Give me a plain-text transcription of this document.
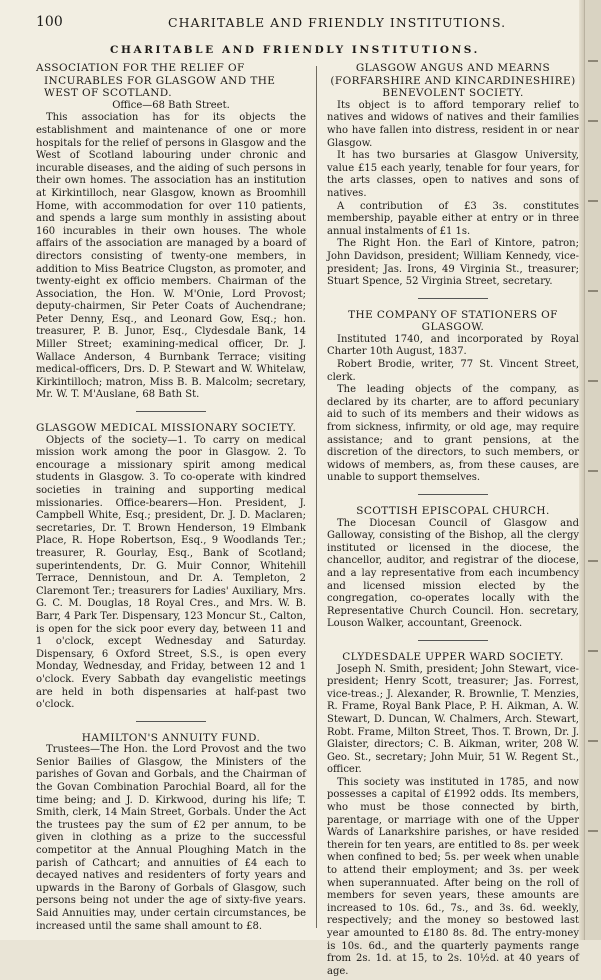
100	CHARITABLE AND FRIENDLY INSTITUTIONS.
CHARITABLE AND FRIENDLY INSTITUTIONS.
ASSOCIATION FOR THE RELIEF OF INCURABLES FOR GLASGOW AND THE WEST OF SCOTLAND.

Office—68 Bath Street.

This association has for its objects the establishment and maintenance of one or more hospitals for the relief of persons in Glasgow and the West of Scotland labouring under chronic and incurable diseases, and the aiding of such persons in their own homes. The association has an institution at Kirkintilloch, near Glasgow, known as Broomhill Home, with accommodation for over 110 patients, and spends a large sum monthly in assisting about 160 incurables in their own houses. The whole affairs of the association are managed by a board of directors consisting of twenty-one members, in addition to Miss Beatrice Clugston, as promoter, and twenty-eight ex officio members. Chairman of the Association, the Hon. W. M'Onie, Lord Provost; deputy-chairmen, Sir Peter Coats of Auchendrane; Peter Denny, Esq., and Leonard Gow, Esq.; hon. treasurer, P. B. Junor, Esq., Clydesdale Bank, 14 Miller Street; examining-medical officer, Dr. J. Wallace Anderson, 4 Burnbank Terrace; visiting medical-officers, Drs. D. P. Stewart and W. Whitelaw, Kirkintilloch; matron, Miss B. B. Malcolm; secretary, Mr. W. T. M'Auslane, 68 Bath St.

GLASGOW MEDICAL MISSIONARY SOCIETY.

Objects of the society—1. To carry on medical mission work among the poor in Glasgow. 2. To encourage a missionary spirit among medical students in Glasgow. 3. To co-operate with kindred societies in training and supporting medical missionaries. Office-bearers—Hon. President, J. Campbell White, Esq.; president, Dr. J. D. Maclaren; secretaries, Dr. T. Brown Henderson, 19 Elmbank Place, R. Hope Robertson, Esq., 9 Woodlands Ter.; treasurer, R. Gourlay, Esq., Bank of Scotland; superintendents, Dr. G. Muir Connor, Whitehill Terrace, Dennistoun, and Dr. A. Templeton, 2 Claremont Ter.; treasurers for Ladies' Auxiliary, Mrs. G. C. M. Douglas, 18 Royal Cres., and Mrs. W. B. Barr, 4 Park Ter. Dispensary, 123 Moncur St., Calton, is open for the sick poor every day, between 11 and 1 o'clock, except Wednesday and Saturday. Dispensary, 6 Oxford Street, S.S., is open every Monday, Wednesday, and Friday, between 12 and 1 o'clock. Every Sabbath day evangelistic meetings are held in both dispensaries at half-past two o'clock.

HAMILTON'S ANNUITY FUND.

Trustees—The Hon. the Lord Provost and the two Senior Bailies of Glasgow, the Ministers of the parishes of Govan and Gorbals, and the Chairman of the Govan Combination Parochial Board, all for the time being; and J. D. Kirkwood, during his life; T. Smith, clerk, 14 Main Street, Gorbals. Under the Act the trustees pay the sum of £2 per annum, to be given in clothing as a prize to the successful competitor at the Annual Ploughing Match in the parish of Cathcart; and annuities of £4 each to decayed natives and residenters of forty years and upwards in the Barony of Gorbals of Glasgow, such persons being not under the age of sixty-five years. Said Annuities may, under certain circumstances, be increased until the same shall amount to £8.

GLASGOW ANGUS AND MEARNS (FORFARSHIRE AND KINCARDINESHIRE) BENEVOLENT SOCIETY.

Its object is to afford temporary relief to natives and widows of natives and their families who have fallen into distress, resident in or near Glasgow.

It has two bursaries at Glasgow University, value £15 each yearly, tenable for four years, for the arts classes, open to natives and sons of natives.

A contribution of £3 3s. constitutes membership, payable either at entry or in three annual instalments of £1 1s.

The Right Hon. the Earl of Kintore, patron; John Davidson, president; William Kennedy, vice-president; Jas. Irons, 49 Virginia St., treasurer; Stuart Spence, 52 Virginia Street, secretary.

THE COMPANY OF STATIONERS OF GLASGOW.

Instituted 1740, and incorporated by Royal Charter 10th August, 1837.

Robert Brodie, writer, 77 St. Vincent Street, clerk.

The leading objects of the company, as declared by its charter, are to afford pecuniary aid to such of its members and their widows as from sickness, infirmity, or old age, may require assistance; and to grant pensions, at the discretion of the directors, to such members, or widows of members, as, from these causes, are unable to support themselves.

SCOTTISH EPISCOPAL CHURCH.

The Diocesan Council of Glasgow and Galloway, consisting of the Bishop, all the clergy instituted or licensed in the diocese, the chancellor, auditor, and registrar of the diocese, and a lay representative from each incumbency and licensed mission elected by the congregation, co-operates locally with the Representative Church Council. Hon. secretary, Louson Walker, accountant, Greenock.

CLYDESDALE UPPER WARD SOCIETY.

Joseph N. Smith, president; John Stewart, vice-president; Henry Scott, treasurer; Jas. Forrest, vice-treas.; J. Alexander, R. Brownlie, T. Menzies, R. Frame, Royal Bank Place, P. H. Aikman, A. W. Stewart, D. Duncan, W. Chalmers, Arch. Stewart, Robt. Frame, Milton Street, Thos. T. Brown, Dr. J. Glaister, directors; C. B. Aikman, writer, 208 W. Geo. St., secretary; John Muir, 51 W. Regent St., officer.

This society was instituted in 1785, and now possesses a capital of £1992 odds. Its members, who must be those connected by birth, parentage, or marriage with one of the Upper Wards of Lanarkshire parishes, or have resided therein for ten years, are entitled to 8s. per week when confined to bed; 5s. per week when unable to attend their employment; and 3s. per week when superannuated. After being on the roll of members for seven years, these amounts are increased to 10s. 6d., 7s., and 3s. 6d. weekly, respectively; and the money so bestowed last year amounted to £180 8s. 8d. The entry-money is 10s. 6d., and the quarterly payments range from 2s. 1d. at 15, to 2s. 10½d. at 40 years of age.
